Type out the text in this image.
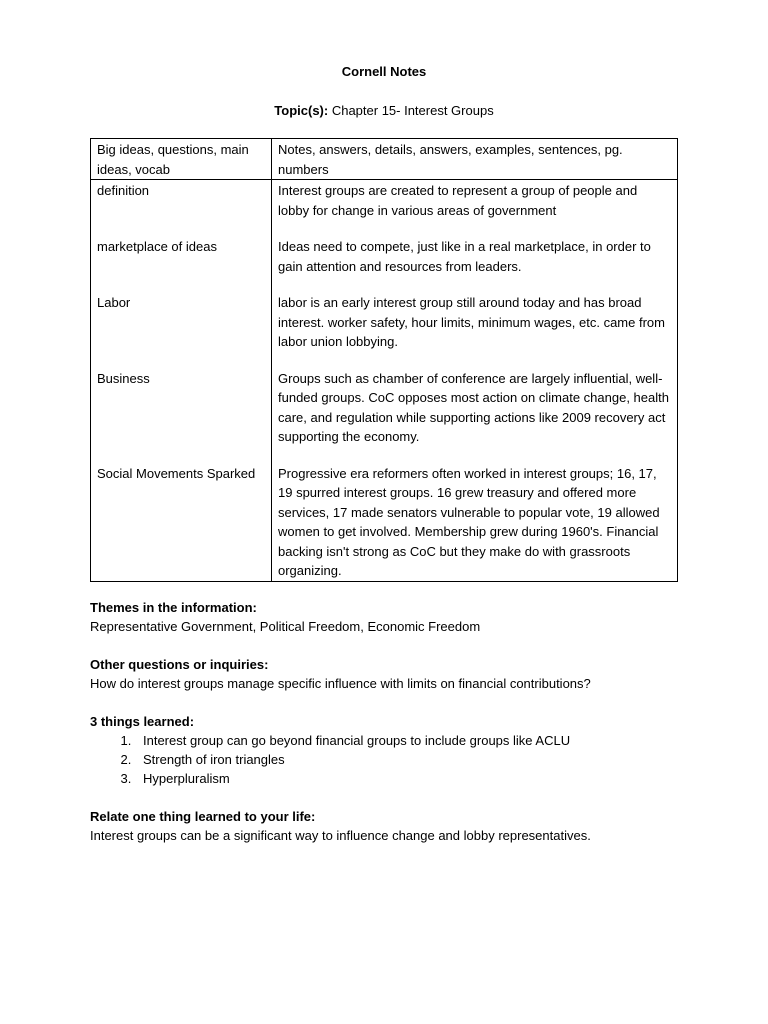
Cornell Notes
Topic(s): Chapter 15- Interest Groups
Big ideas, questions, main ideas, vocab	Notes, answers, details, answers, examples, sentences, pg. numbers
definition	Interest groups are created to represent a group of people and lobby for change in various areas of government
marketplace of ideas	Ideas need to compete, just like in a real marketplace, in order to gain attention and resources from leaders.
Labor	labor is an early interest group still around today and has broad interest. worker safety, hour limits, minimum wages, etc. came from labor union lobbying.
Business	Groups such as chamber of conference are largely influential, well-funded groups. CoC opposes most action on climate change, health care, and regulation while supporting actions like 2009 recovery act supporting the economy.
Social Movements Sparked	Progressive era reformers often worked in interest groups; 16, 17, 19 spurred interest groups. 16 grew treasury and offered more services, 17 made senators vulnerable to popular vote, 19 allowed women to get involved. Membership grew during 1960's. Financial backing isn't strong as CoC but they make do with grassroots organizing.
Themes in the information:
Representative Government, Political Freedom, Economic Freedom
Other questions or inquiries:
How do interest groups manage specific influence with limits on financial contributions?
3 things learned:
1. Interest group can go beyond financial groups to include groups like ACLU
2. Strength of iron triangles
3. Hyperpluralism
Relate one thing learned to your life:
Interest groups can be a significant way to influence change and lobby representatives.
